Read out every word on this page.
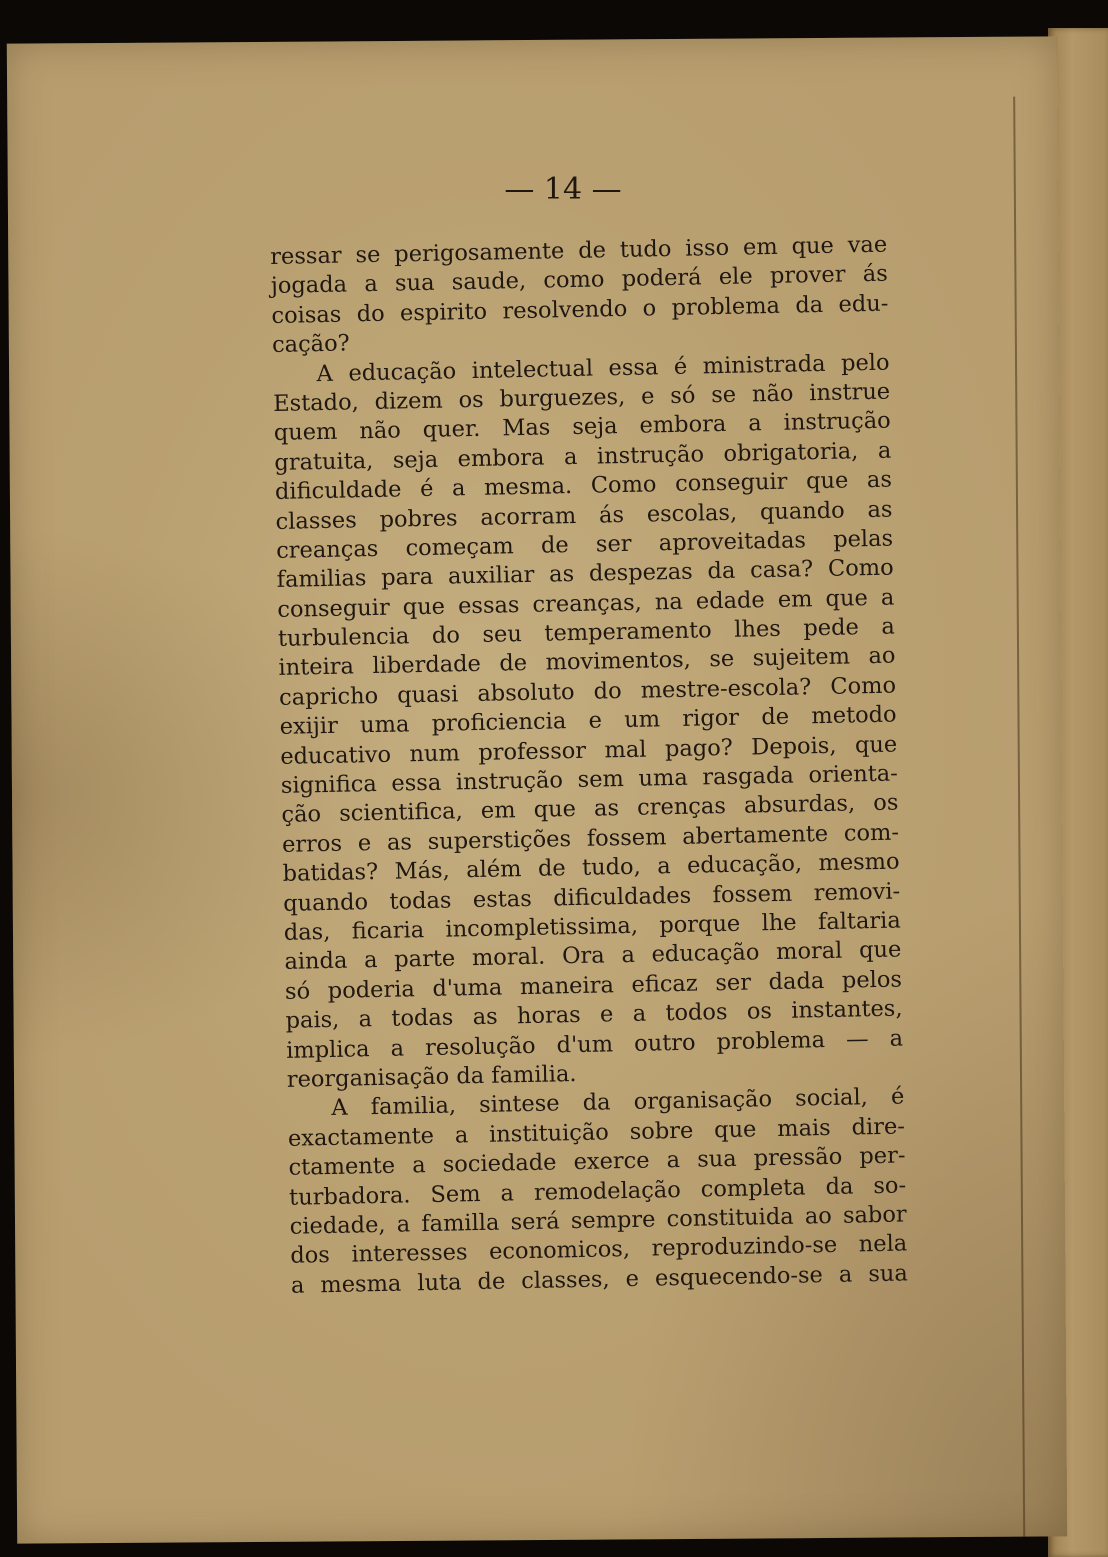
— 14 —
ressar se perigosamente de tudo isso em que vae
jogada a sua saude, como poderá ele prover ás
coisas do espirito resolvendo o problema da edu-
cação?
A educação intelectual essa é ministrada pelo
Estado, dizem os burguezes, e só se não instrue
quem não quer. Mas seja embora a instrução
gratuita, seja embora a instrução obrigatoria, a
dificuldade é a mesma. Como conseguir que as
classes pobres acorram ás escolas, quando as
creanças começam de ser aproveitadas pelas
familias para auxiliar as despezas da casa? Como
conseguir que essas creanças, na edade em que a
turbulencia do seu temperamento lhes pede a
inteira liberdade de movimentos, se sujeitem ao
capricho quasi absoluto do mestre-escola? Como
exijir uma proficiencia e um rigor de metodo
educativo num professor mal pago? Depois, que
significa essa instrução sem uma rasgada orienta-
ção scientifica, em que as crenças absurdas, os
erros e as superstições fossem abertamente com-
batidas? Más, além de tudo, a educação, mesmo
quando todas estas dificuldades fossem removi-
das, ficaria incompletissima, porque lhe faltaria
ainda a parte moral. Ora a educação moral que
só poderia d'uma maneira eficaz ser dada pelos
pais, a todas as horas e a todos os instantes,
implica a resolução d'um outro problema — a
reorganisação da familia.
A familia, sintese da organisação social, é
exactamente a instituição sobre que mais dire-
ctamente a sociedade exerce a sua pressão per-
turbadora. Sem a remodelação completa da so-
ciedade, a familla será sempre constituida ao sabor
dos interesses economicos, reproduzindo-se nela
a mesma luta de classes, e esquecendo-se a sua
